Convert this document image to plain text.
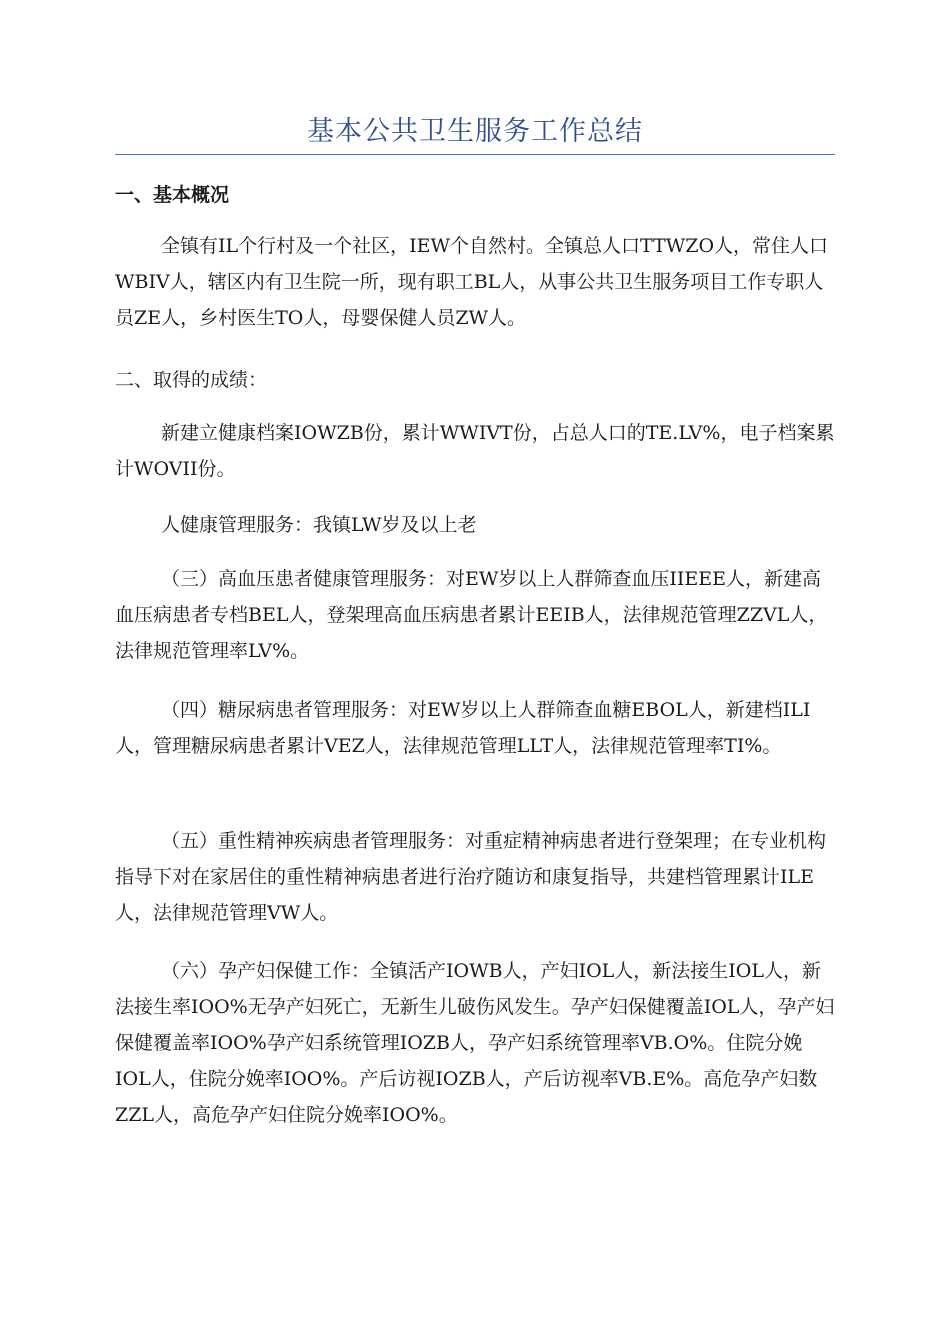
基本公共卫生服务工作总结

一、基本概况

全镇有IL个行村及一个社区，IEW个自然村。全镇总人口TTWZO人，常住人口WBIV人，辖区内有卫生院一所，现有职工BL人，从事公共卫生服务项目工作专职人员ZE人，乡村医生TO人，母婴保健人员ZW人。

二、取得的成绩：

新建立健康档案IOWZB份，累计WWIVT份，占总人口的TE.LV%，电子档案累计WOVII份。

人健康管理服务：我镇LW岁及以上老

（三）高血压患者健康管理服务：对EW岁以上人群筛查血压IIEEE人，新建高血压病患者专档BEL人，登架理高血压病患者累计EEIB人，法律规范管理ZZVL人，法律规范管理率LV%。

（四）糖尿病患者管理服务：对EW岁以上人群筛查血糖EBOL人，新建档ILI人，管理糖尿病患者累计VEZ人，法律规范管理LLT人，法律规范管理率TI%。

（五）重性精神疾病患者管理服务：对重症精神病患者进行登架理；在专业机构指导下对在家居住的重性精神病患者进行治疗随访和康复指导，共建档管理累计ILE人，法律规范管理VW人。

（六）孕产妇保健工作：全镇活产IOWB人，产妇IOL人，新法接生IOL人，新法接生率IOO%无孕产妇死亡，无新生儿破伤风发生。孕产妇保健覆盖IOL人，孕产妇保健覆盖率IOO%孕产妇系统管理IOZB人，孕产妇系统管理率VB.O%。住院分娩IOL人，住院分娩率IOO%。产后访视IOZB人，产后访视率VB.E%。高危孕产妇数ZZL人，高危孕产妇住院分娩率IOO%。
